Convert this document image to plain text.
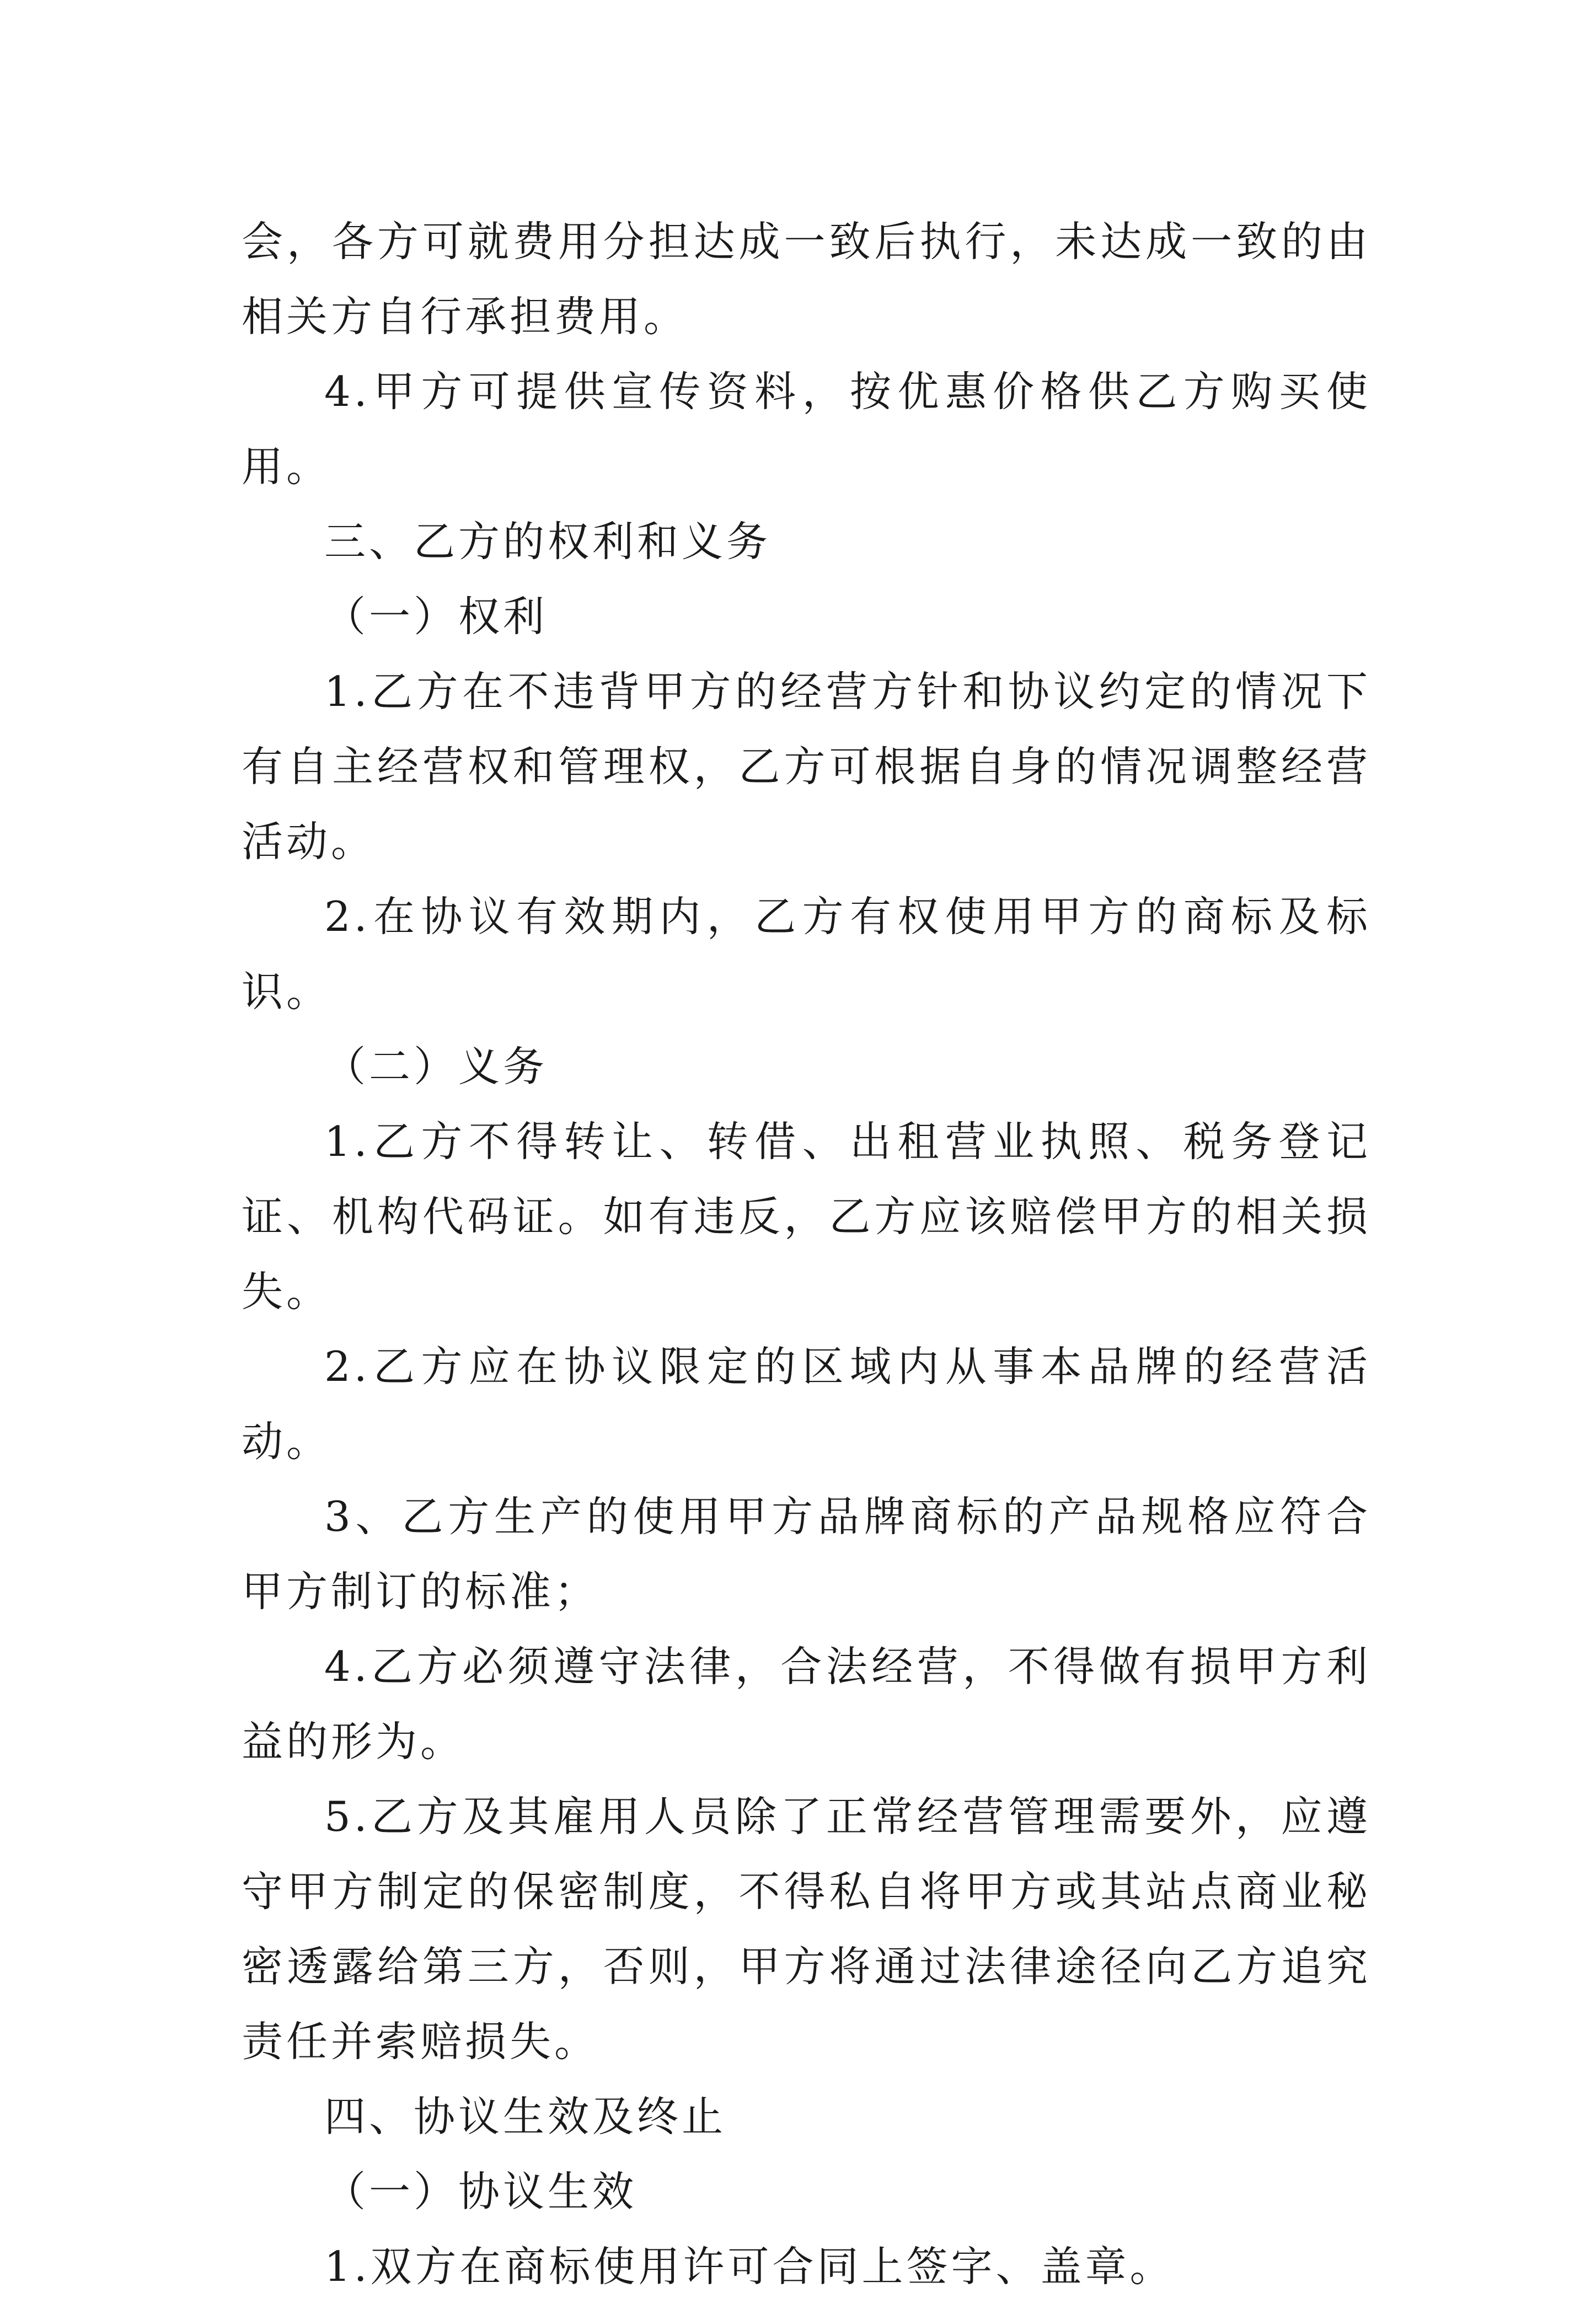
会，各方可就费用分担达成一致后执行，未达成一致的由相关方自行承担费用。

4.甲方可提供宣传资料，按优惠价格供乙方购买使用。

三、乙方的权利和义务

（一）权利

1.乙方在不违背甲方的经营方针和协议约定的情况下有自主经营权和管理权，乙方可根据自身的情况调整经营活动。

2.在协议有效期内，乙方有权使用甲方的商标及标识。

（二）义务

1.乙方不得转让、转借、出租营业执照、税务登记证、机构代码证。如有违反，乙方应该赔偿甲方的相关损失。

2.乙方应在协议限定的区域内从事本品牌的经营活动。

3、乙方生产的使用甲方品牌商标的产品规格应符合甲方制订的标准；

4.乙方必须遵守法律，合法经营，不得做有损甲方利益的形为。

5.乙方及其雇用人员除了正常经营管理需要外，应遵守甲方制定的保密制度，不得私自将甲方或其站点商业秘密透露给第三方，否则，甲方将通过法律途径向乙方追究责任并索赔损失。

四、协议生效及终止

（一）协议生效

1.双方在商标使用许可合同上签字、盖章。
